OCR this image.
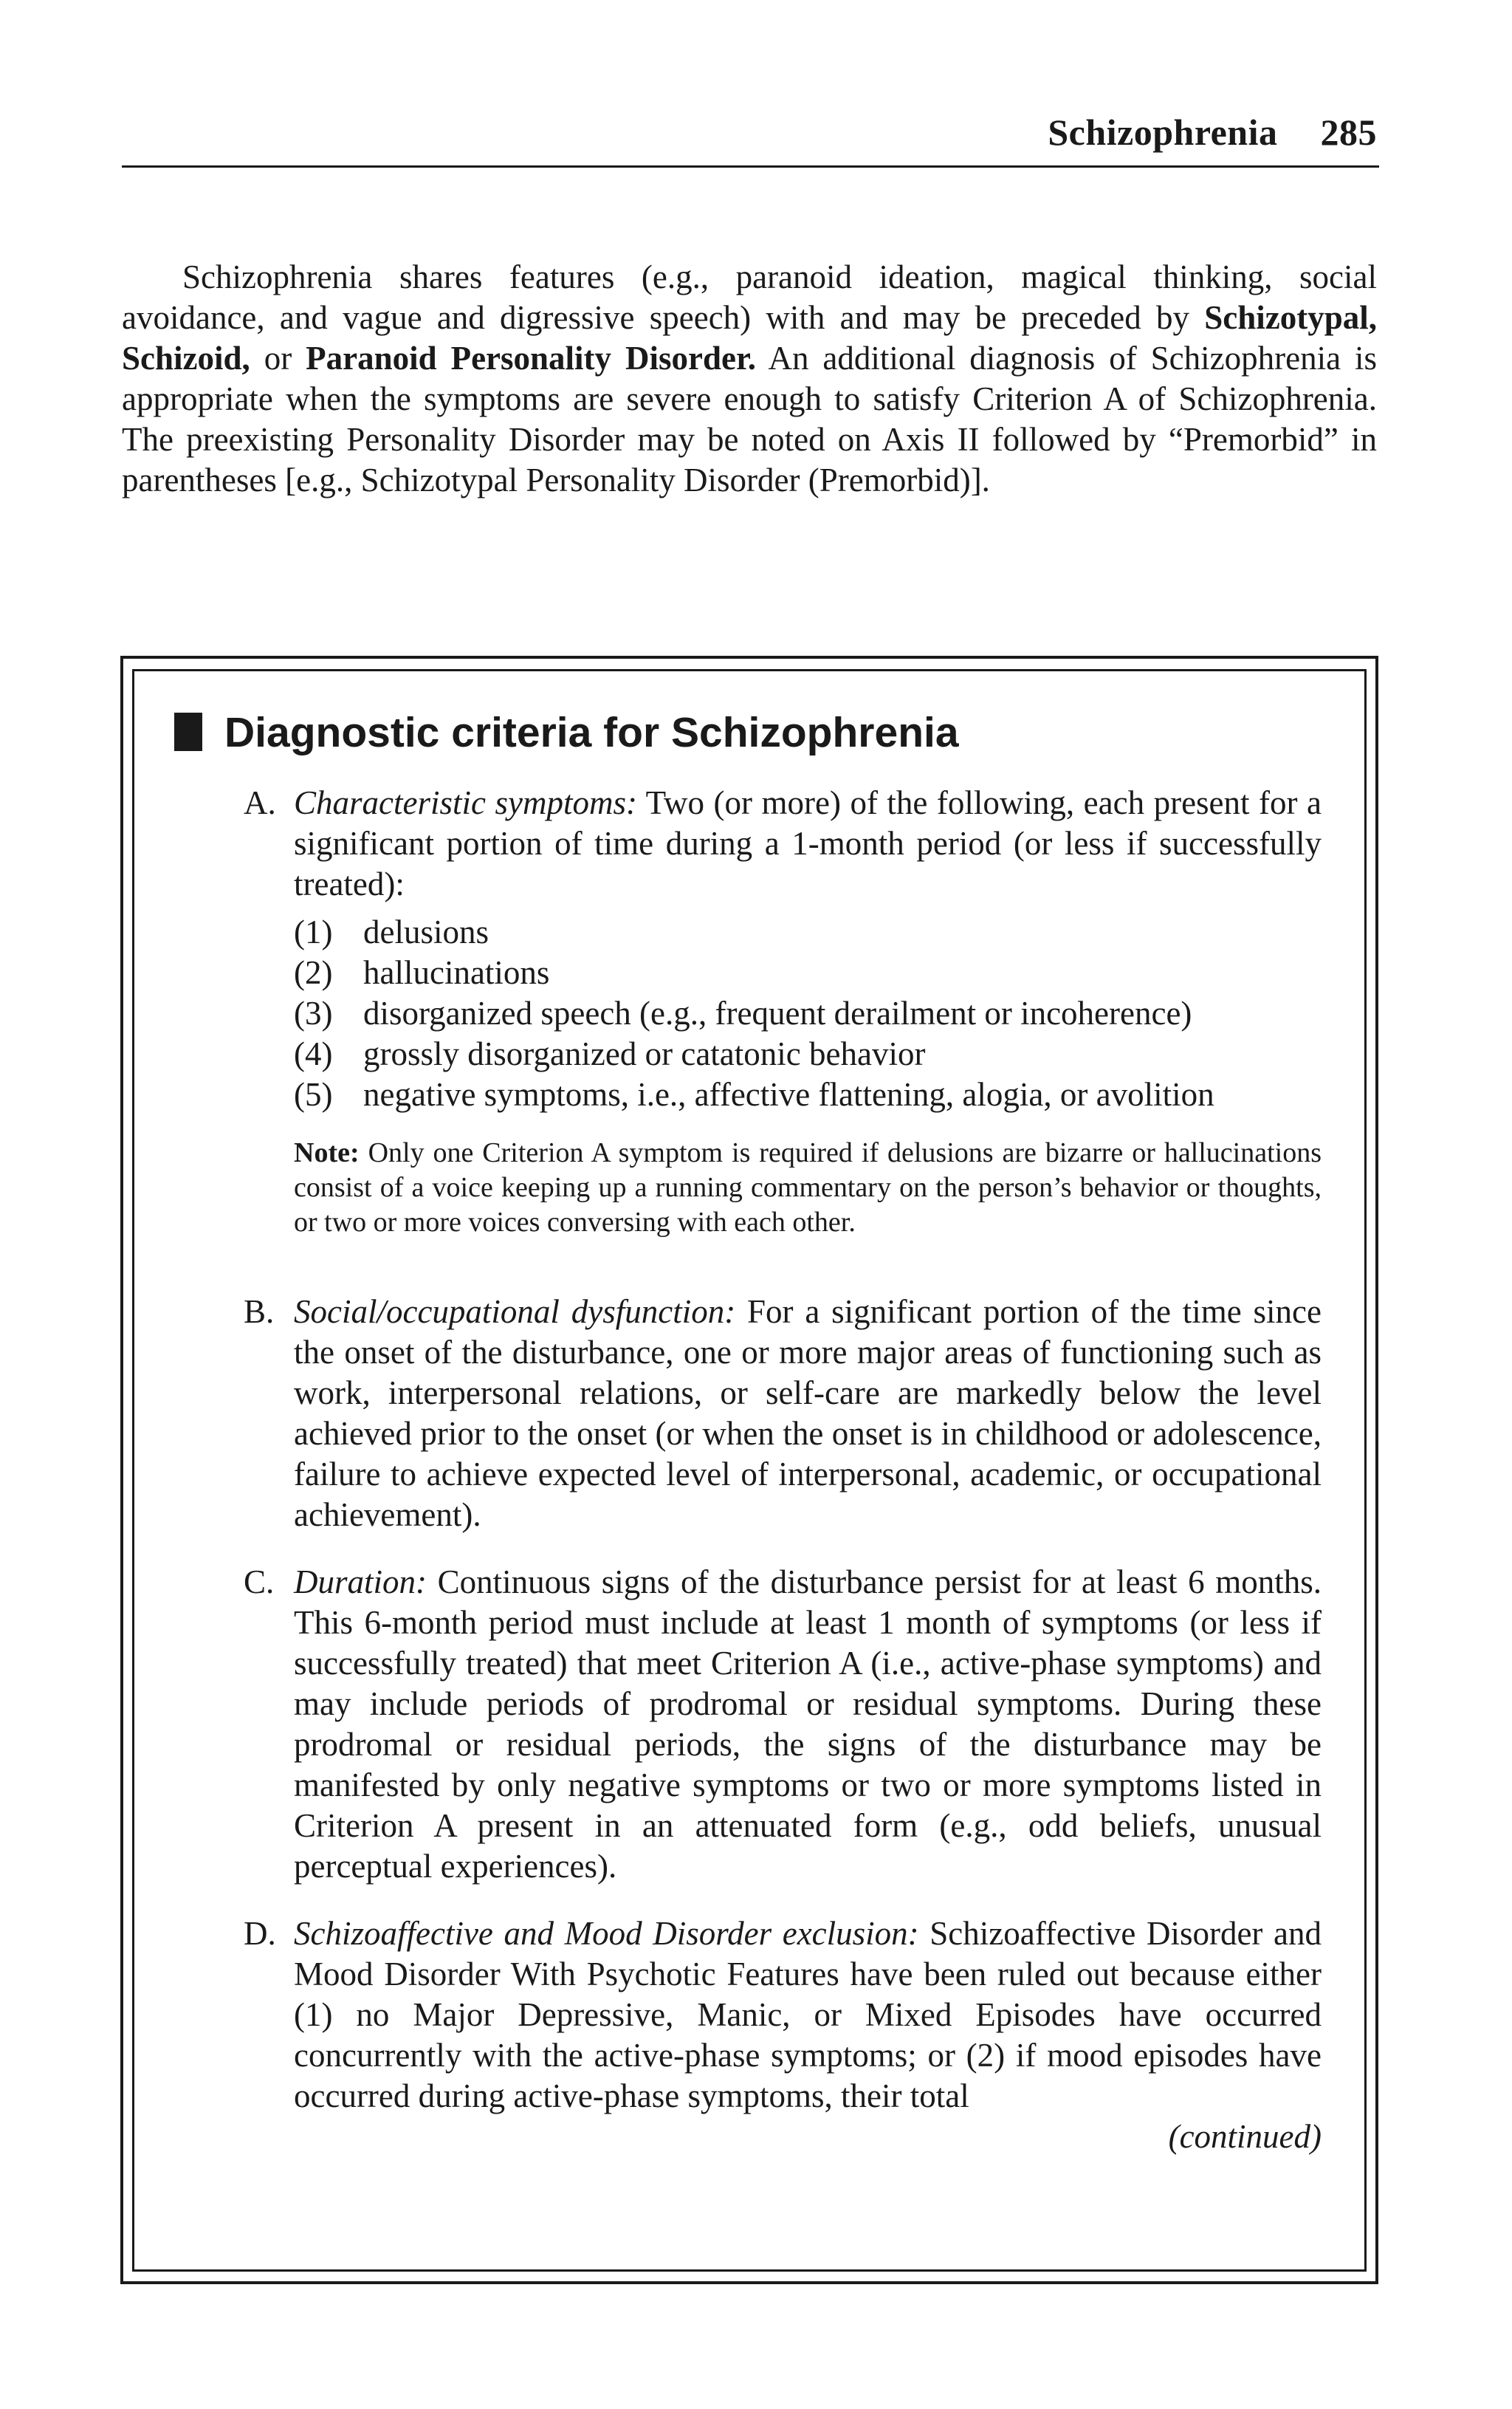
Schizophrenia 285

Schizophrenia shares features (e.g., paranoid ideation, magical thinking, social avoidance, and vague and digressive speech) with and may be preceded by Schizotypal, Schizoid, or Paranoid Personality Disorder. An additional diagnosis of Schizophrenia is appropriate when the symptoms are severe enough to satisfy Criterion A of Schizophrenia. The preexisting Personality Disorder may be noted on Axis II followed by “Premorbid” in parentheses [e.g., Schizotypal Personality Disorder (Premorbid)].

Diagnostic criteria for Schizophrenia
A. Characteristic symptoms: Two (or more) of the following, each present for a significant portion of time during a 1-month period (or less if successfully treated):
(1) delusions
(2) hallucinations
(3) disorganized speech (e.g., frequent derailment or incoherence)
(4) grossly disorganized or catatonic behavior
(5) negative symptoms, i.e., affective flattening, alogia, or avolition
Note: Only one Criterion A symptom is required if delusions are bizarre or hallucinations consist of a voice keeping up a running commentary on the person’s behavior or thoughts, or two or more voices conversing with each other.
B. Social/occupational dysfunction: For a significant portion of the time since the onset of the disturbance, one or more major areas of functioning such as work, interpersonal relations, or self-care are markedly below the level achieved prior to the onset (or when the onset is in childhood or adolescence, failure to achieve expected level of interpersonal, academic, or occupational achievement).
C. Duration: Continuous signs of the disturbance persist for at least 6 months. This 6-month period must include at least 1 month of symptoms (or less if successfully treated) that meet Criterion A (i.e., active-phase symptoms) and may include periods of prodromal or residual symptoms. During these prodromal or residual periods, the signs of the disturbance may be manifested by only negative symptoms or two or more symptoms listed in Criterion A present in an attenuated form (e.g., odd beliefs, unusual perceptual experiences).
D. Schizoaffective and Mood Disorder exclusion: Schizoaffective Disorder and Mood Disorder With Psychotic Features have been ruled out because either (1) no Major Depressive, Manic, or Mixed Episodes have occurred concurrently with the active-phase symptoms; or (2) if mood episodes have occurred during active-phase symptoms, their total
(continued)
